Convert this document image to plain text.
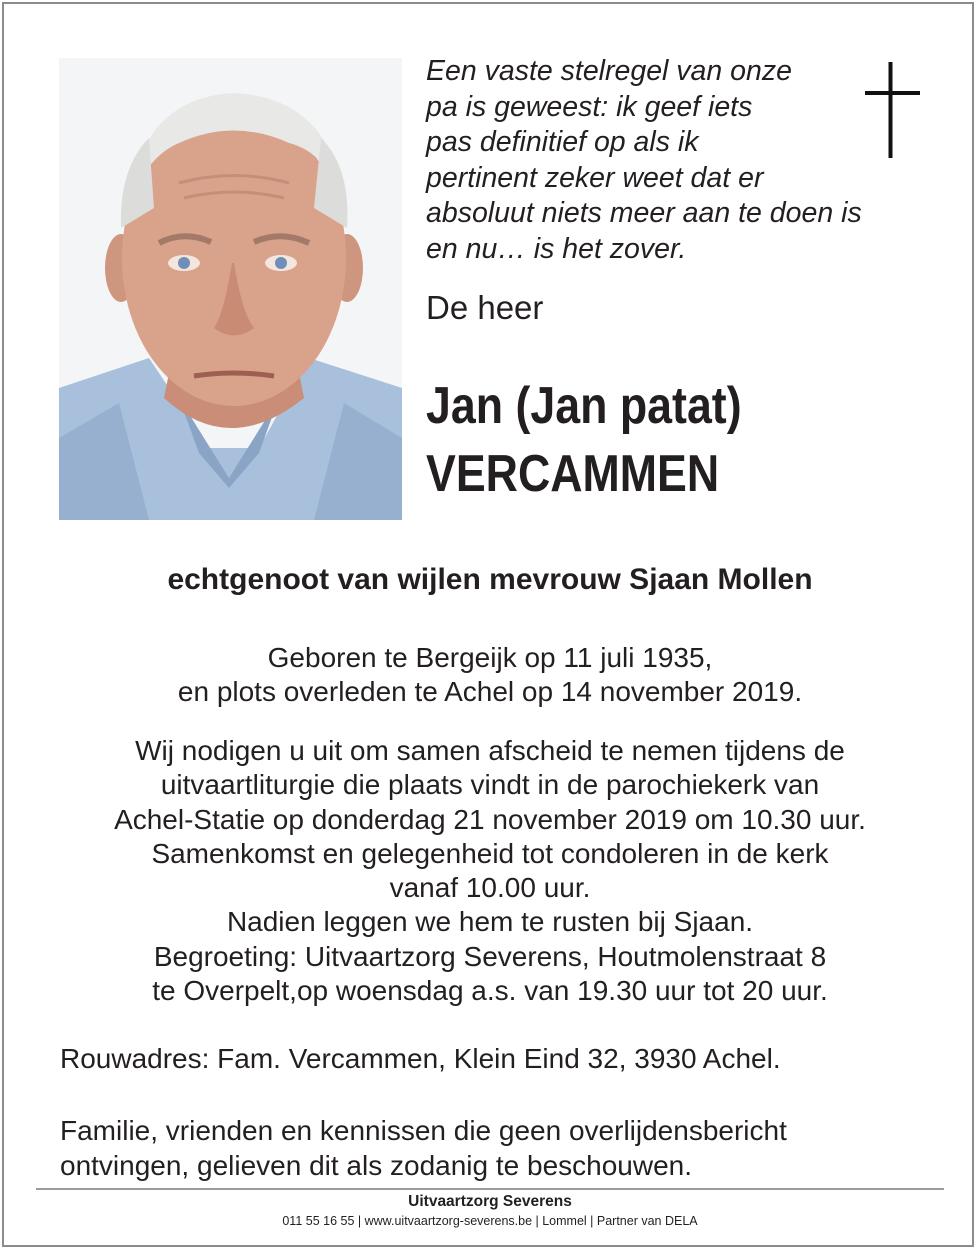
Een vaste stelregel van onze
pa is geweest: ik geef iets
pas definitief op als ik
pertinent zeker weet dat er
absoluut niets meer aan te doen is
en nu… is het zover.
De heer
Jan (Jan patat)
VERCAMMEN
echtgenoot van wijlen mevrouw Sjaan Mollen
Geboren te Bergeijk op 11 juli 1935,
en plots overleden te Achel op 14 november 2019.
Wij nodigen u uit om samen afscheid te nemen tijdens de
uitvaartliturgie die plaats vindt in de parochiekerk van
Achel-Statie op donderdag 21 november 2019 om 10.30 uur.
Samenkomst en gelegenheid tot condoleren in de kerk
vanaf 10.00 uur.
Nadien leggen we hem te rusten bij Sjaan.
Begroeting: Uitvaartzorg Severens, Houtmolenstraat 8
te Overpelt,op woensdag a.s. van 19.30 uur tot 20 uur.
Rouwadres: Fam. Vercammen, Klein Eind 32, 3930 Achel.
Familie, vrienden en kennissen die geen overlijdensbericht
ontvingen, gelieven dit als zodanig te beschouwen.
Uitvaartzorg Severens
011 55 16 55 | www.uitvaartzorg-severens.be | Lommel | Partner van DELA
